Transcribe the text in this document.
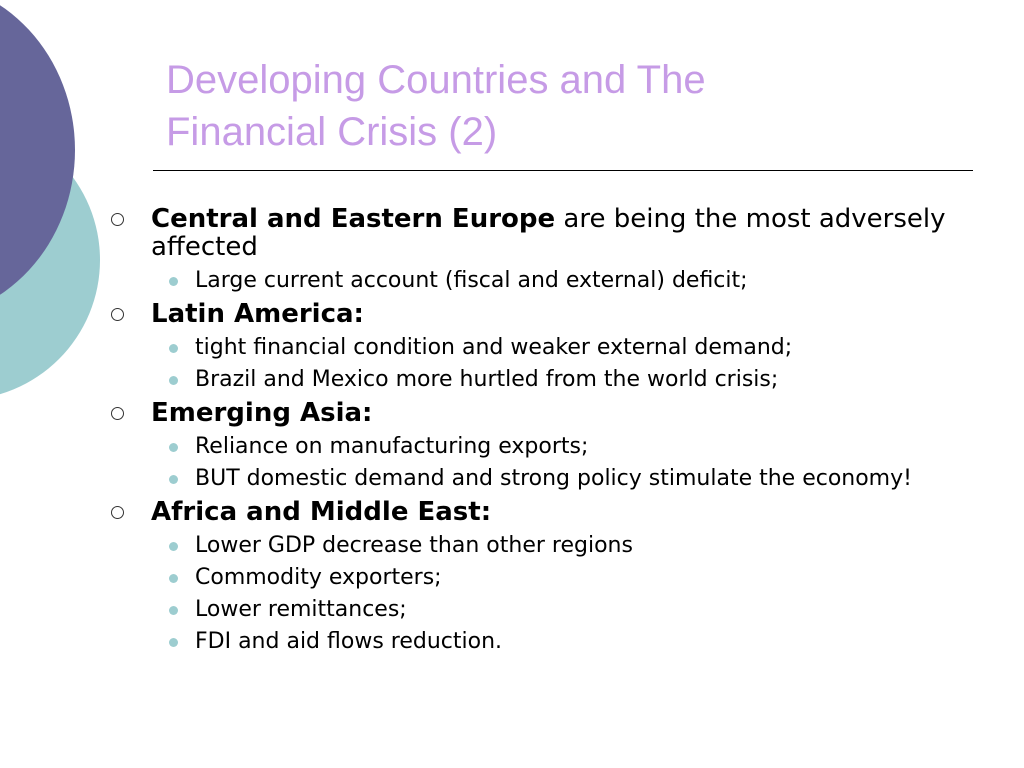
Developing Countries and The
Financial Crisis (2)
Central and Eastern Europe are being the most adversely affected
Large current account (fiscal and external) deficit;
Latin America:
tight financial condition and weaker external demand;
Brazil and Mexico more hurtled from the world crisis;
Emerging Asia:
Reliance on manufacturing exports;
BUT domestic demand and strong policy stimulate the economy!
Africa and Middle East:
Lower GDP decrease than other regions
Commodity exporters;
Lower remittances;
FDI and aid flows reduction.
